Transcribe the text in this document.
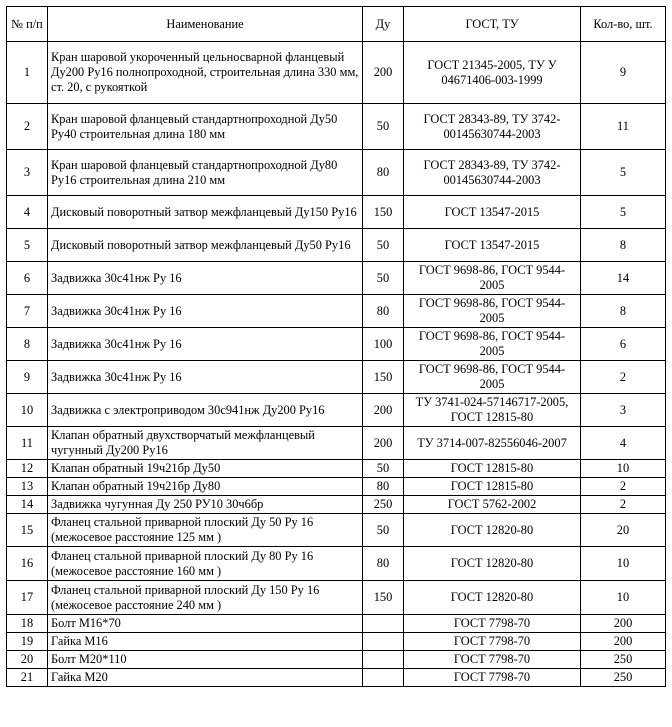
№ п/п	Наименование	Ду	ГОСТ, ТУ	Кол-во, шт.
1	Кран шаровой укороченный цельносварной фланцевый Ду200 Ру16 полнопроходной, строительная длина 330 мм, ст. 20, с рукояткой	200	ГОСТ 21345-2005, ТУ У 04671406-003-1999	9
2	Кран шаровой фланцевый стандартнопроходной Ду50 Ру40 строительная длина 180 мм	50	ГОСТ 28343-89, ТУ 3742-00145630744-2003	11
3	Кран шаровой фланцевый стандартнопроходной Ду80 Ру16 строительная длина 210 мм	80	ГОСТ 28343-89, ТУ 3742-00145630744-2003	5
4	Дисковый поворотный затвор межфланцевый Ду150 Ру16	150	ГОСТ 13547-2015	5
5	Дисковый поворотный затвор межфланцевый Ду50 Ру16	50	ГОСТ 13547-2015	8
6	Задвижка 30с41нж Ру 16	50	ГОСТ 9698-86, ГОСТ 9544-2005	14
7	Задвижка 30с41нж Ру 16	80	ГОСТ 9698-86, ГОСТ 9544-2005	8
8	Задвижка 30с41нж Ру 16	100	ГОСТ 9698-86, ГОСТ 9544-2005	6
9	Задвижка 30с41нж Ру 16	150	ГОСТ 9698-86, ГОСТ 9544-2005	2
10	Задвижка с электроприводом 30с941нж Ду200 Ру16	200	ТУ 3741-024-57146717-2005, ГОСТ 12815-80	3
11	Клапан обратный двухстворчатый межфланцевый чугунный Ду200 Ру16	200	ТУ 3714-007-82556046-2007	4
12	Клапан обратный 19ч21бр Ду50	50	ГОСТ 12815-80	10
13	Клапан обратный 19ч21бр Ду80	80	ГОСТ 12815-80	2
14	Задвижка чугунная Ду 250 РУ10 30ч6бр	250	ГОСТ 5762-2002	2
15	Фланец стальной приварной плоский Ду 50 Ру 16 (межосевое расстояние 125 мм )	50	ГОСТ 12820-80	20
16	Фланец стальной приварной плоский Ду 80 Ру 16 (межосевое расстояние 160 мм )	80	ГОСТ 12820-80	10
17	Фланец стальной приварной плоский Ду 150 Ру 16 (межосевое расстояние 240 мм )	150	ГОСТ 12820-80	10
18	Болт М16*70		ГОСТ 7798-70	200
19	Гайка М16		ГОСТ 7798-70	200
20	Болт М20*110		ГОСТ 7798-70	250
21	Гайка М20		ГОСТ 7798-70	250
